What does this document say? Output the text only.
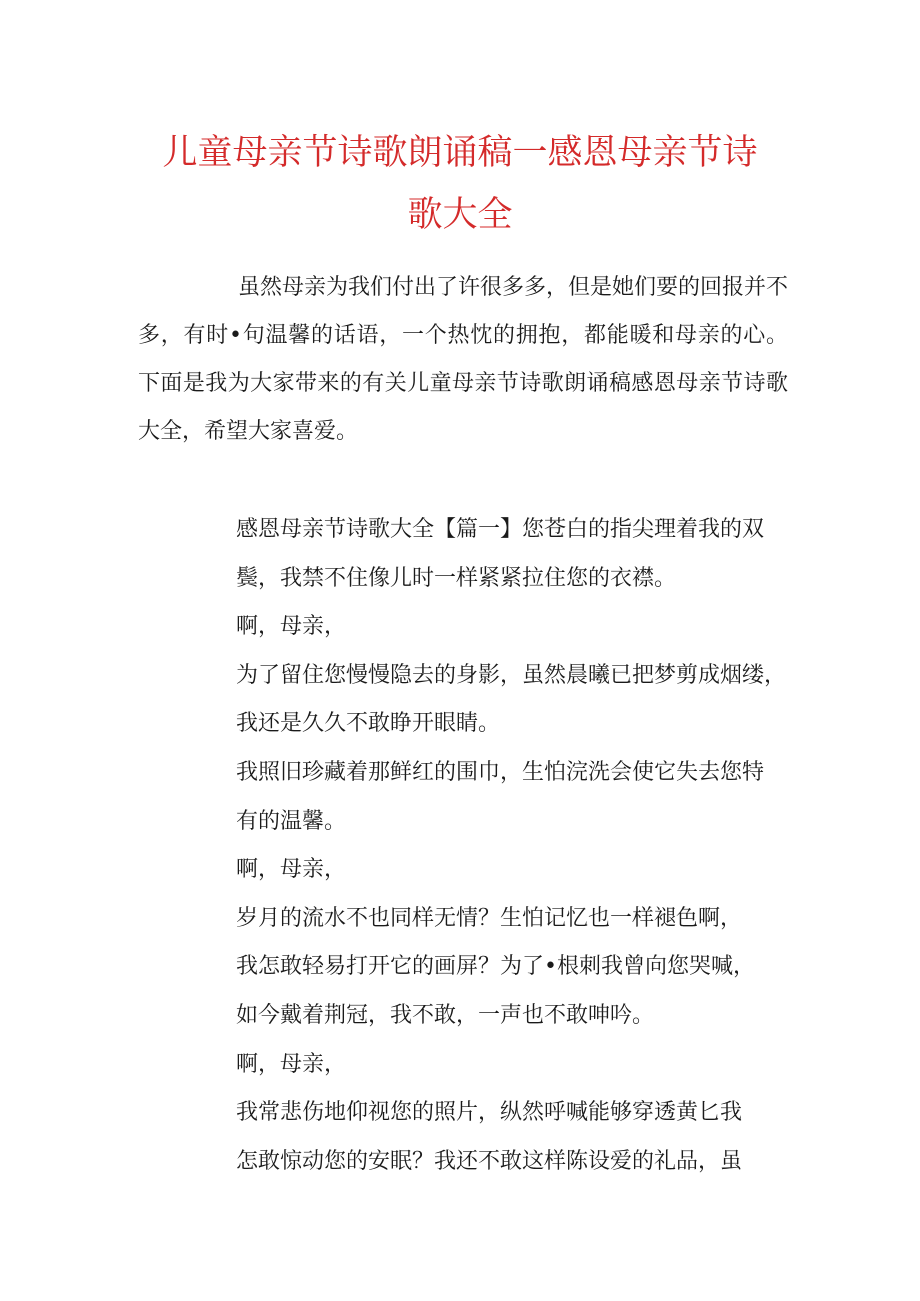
儿童母亲节诗歌朗诵稿一感恩母亲节诗
歌大全

虽然母亲为我们付出了许很多多，但是她们要的回报并不多，有时•句温馨的话语，一个热忱的拥抱，都能暖和母亲的心。下面是我为大家带来的有关儿童母亲节诗歌朗诵稿感恩母亲节诗歌大全，希望大家喜爱。

感恩母亲节诗歌大全【篇一】您苍白的指尖理着我的双
鬓，我禁不住像儿时一样紧紧拉住您的衣襟。
啊，母亲，
为了留住您慢慢隐去的身影，虽然晨曦已把梦剪成烟缕，
我还是久久不敢睁开眼睛。
我照旧珍藏着那鲜红的围巾，生怕浣洗会使它失去您特
有的温馨。
啊，母亲，
岁月的流水不也同样无情？生怕记忆也一样褪色啊，
我怎敢轻易打开它的画屏？为了•根刺我曾向您哭喊，
如今戴着荆冠，我不敢，一声也不敢呻吟。
啊，母亲，
我常悲伤地仰视您的照片，纵然呼喊能够穿透黄匕我
怎敢惊动您的安眠？我还不敢这样陈设爱的礼品，虽
